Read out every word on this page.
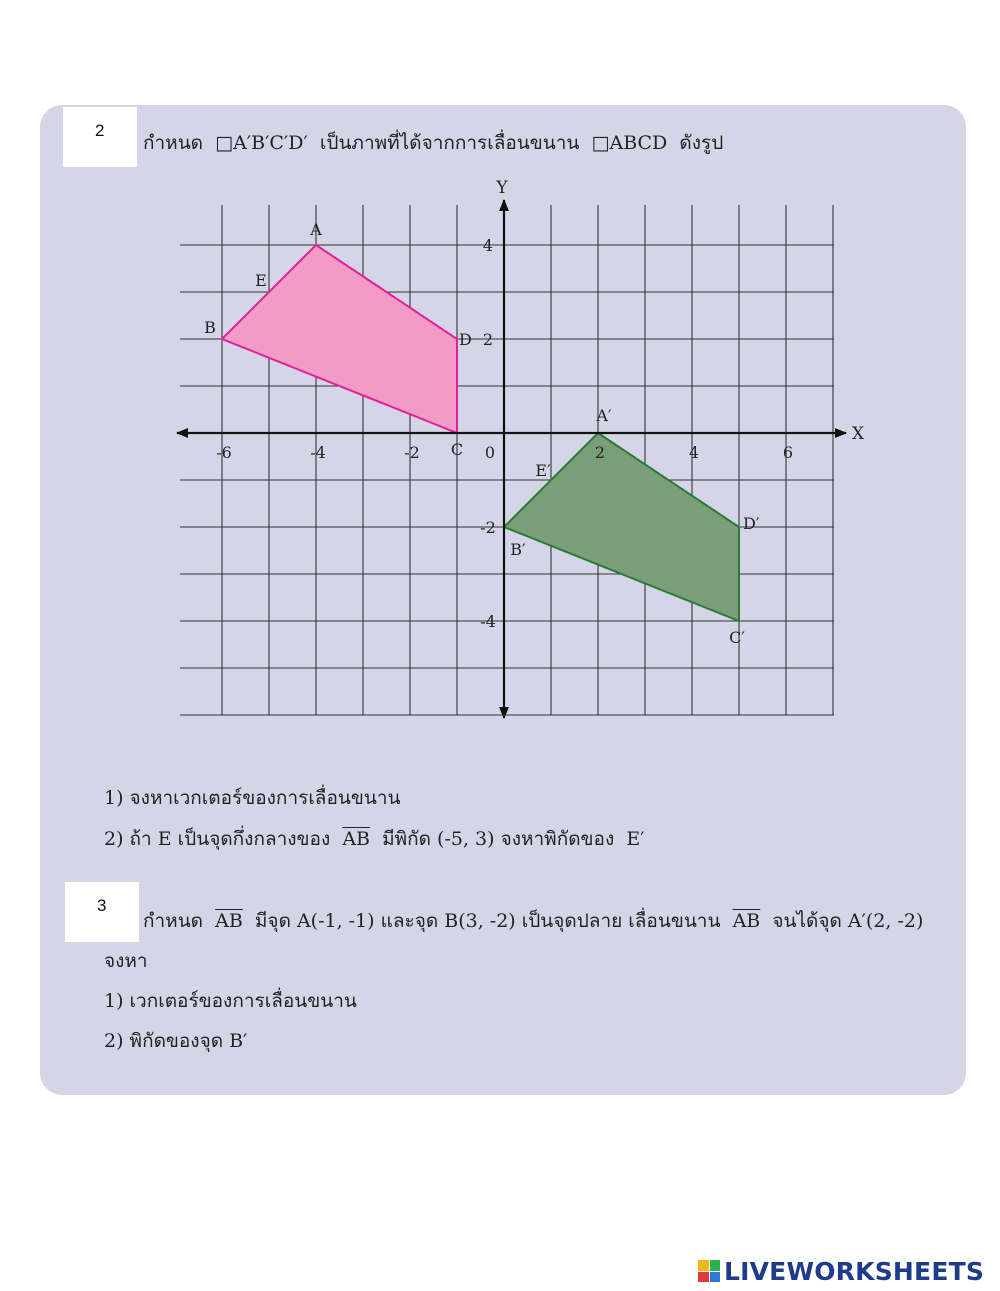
2
กำหนด □A′B′C′D′ เป็นภาพที่ได้จากการเลื่อนขนาน □ABCD ดังรูป
X
Y
0
-6	-4	-2	2	4	6
4
2
-2
-4
A
D
C
B
A′
D′
C′
B′
E
E′
1) จงหาเวกเตอร์ของการเลื่อนขนาน
2) ถ้า E เป็นจุดกึ่งกลางของ $\overline{AB}$ มีพิกัด (-5, 3) จงหาพิกัดของ E′
3
กำหนด $\overline{AB}$ มีจุด A(-1, -1) และจุด B(3, -2) เป็นจุดปลาย เลื่อนขนาน $\overline{AB}$ จนได้จุด A′(2, -2)
จงหา
1) เวกเตอร์ของการเลื่อนขนาน
2) พิกัดของจุด B′
LIVEWORKSHEETS
